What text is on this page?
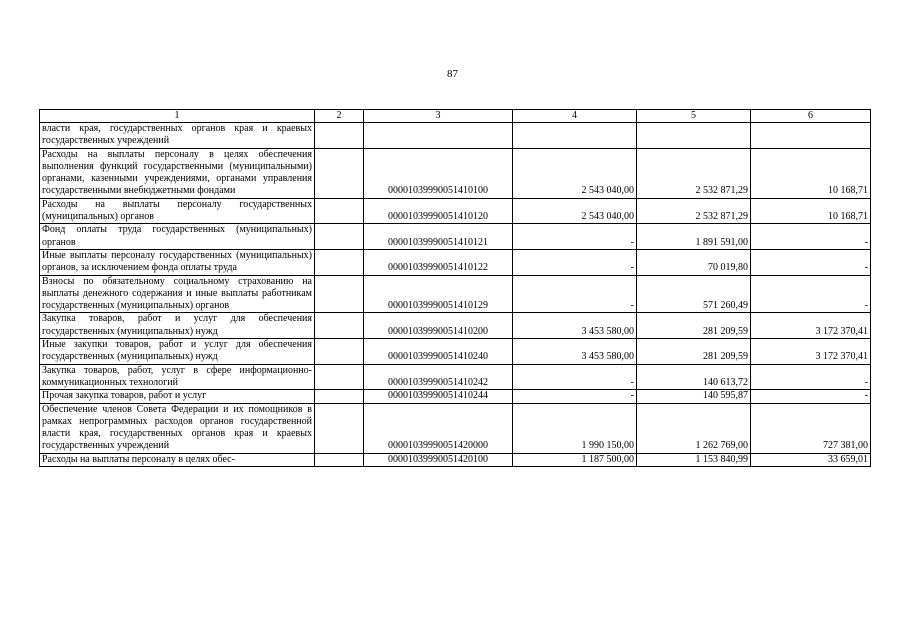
87
1	2	3	4	5	6
власти края, государственных органов края и краевых государственных учреждений					
Расходы на выплаты персоналу в целях обеспечения выполнения функций государственными (муниципальными) органами, казенными учреждениями, органами управления государственными внебюджетными фондами		00001039990051410100	2 543 040,00	2 532 871,29	10 168,71
Расходы на выплаты персоналу государственных (муниципальных) органов		00001039990051410120	2 543 040,00	2 532 871,29	10 168,71
Фонд оплаты труда государственных (муниципальных) органов		00001039990051410121	-	1 891 591,00	-
Иные выплаты персоналу государственных (муниципальных) органов, за исключением фонда оплаты труда		00001039990051410122	-	70 019,80	-
Взносы по обязательному социальному страхованию на выплаты денежного содержания и иные выплаты работникам государственных (муниципальных) органов		00001039990051410129	-	571 260,49	-
Закупка товаров, работ и услуг для обеспечения государственных (муниципальных) нужд		00001039990051410200	3 453 580,00	281 209,59	3 172 370,41
Иные закупки товаров, работ и услуг для обеспечения государственных (муниципальных) нужд		00001039990051410240	3 453 580,00	281 209,59	3 172 370,41
Закупка товаров, работ, услуг в сфере информационно-коммуникационных технологий		00001039990051410242	-	140 613,72	-
Прочая закупка товаров, работ и услуг		00001039990051410244	-	140 595,87	-
Обеспечение членов Совета Федерации и их помощников в рамках непрограммных расходов органов государственной власти края, государственных органов края и краевых государственных учреждений		00001039990051420000	1 990 150,00	1 262 769,00	727 381,00
Расходы на выплаты персоналу в целях обес-		00001039990051420100	1 187 500,00	1 153 840,99	33 659,01
